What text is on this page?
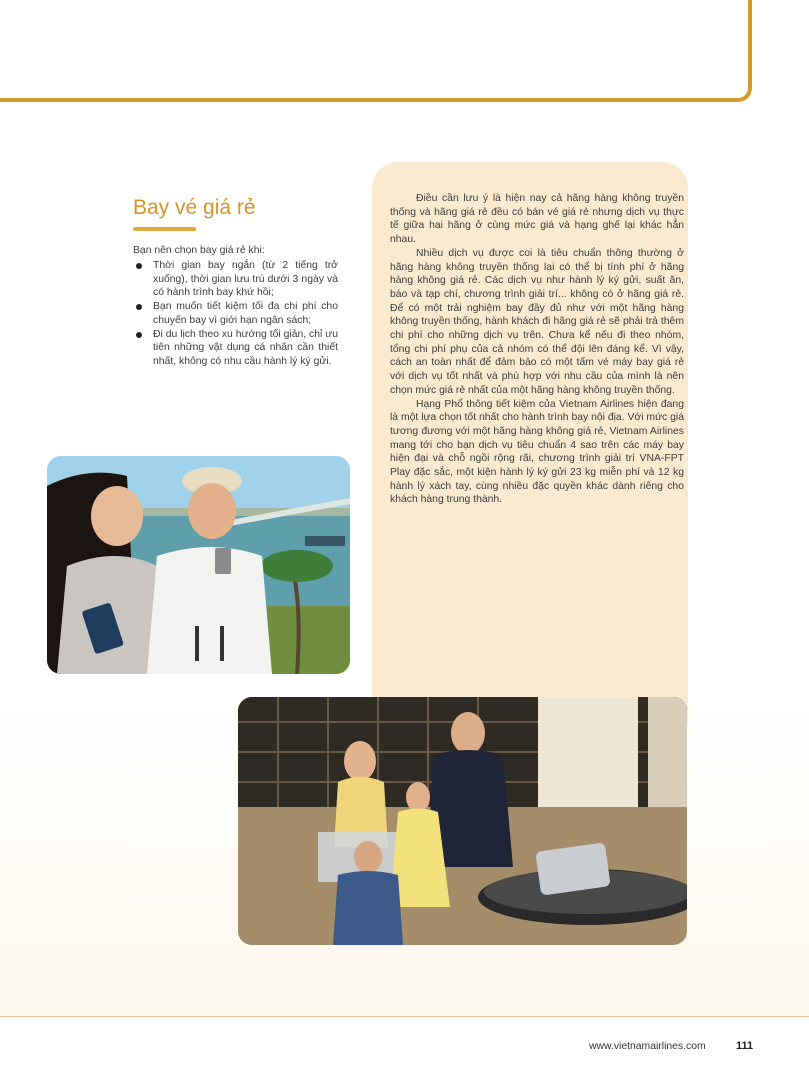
Bay vé giá rẻ

Bạn nên chọn bay giá rẻ khi:

Thời gian bay ngắn (từ 2 tiếng trở xuống), thời gian lưu trú dưới 3 ngày và có hành trình bay khứ hồi;
Bạn muốn tiết kiệm tối đa chi phí cho chuyến bay vì giới hạn ngân sách;
Đi du lịch theo xu hướng tối giản, chỉ ưu tiên những vật dụng cá nhân cần thiết nhất, không có nhu cầu hành lý ký gửi.

Điều cần lưu ý là hiện nay cả hãng hàng không truyền thống và hãng giá rẻ đều có bán vé giá rẻ nhưng dịch vụ thực tế giữa hai hãng ở cùng mức giá và hạng ghế lại khác hẳn nhau.

Nhiều dịch vụ được coi là tiêu chuẩn thông thường ở hãng hàng không truyền thống lại có thể bị tính phí ở hãng hàng không giá rẻ. Các dịch vụ như hành lý ký gửi, suất ăn, báo và tạp chí, chương trình giải trí... không có ở hãng giá rẻ. Để có một trải nghiệm bay đầy đủ như với một hãng hàng không truyền thống, hành khách đi hãng giá rẻ sẽ phải trả thêm chi phí cho những dịch vụ trên. Chưa kể nếu đi theo nhóm, tổng chi phí phụ của cả nhóm có thể đội lên đáng kể. Vì vậy, cách an toàn nhất để đảm bảo có một tấm vé máy bay giá rẻ với dịch vụ tốt nhất và phù hợp với nhu cầu của mình là nên chọn mức giá rẻ nhất của một hãng hàng không truyền thống.

Hạng Phổ thông tiết kiệm của Vietnam Airlines hiện đang là một lựa chọn tốt nhất cho hành trình bay nội địa. Với mức giá tương đương với một hãng hàng không giá rẻ, Vietnam Airlines mang tới cho bạn dịch vụ tiêu chuẩn 4 sao trên các máy bay hiện đại và chỗ ngồi rộng rãi, chương trình giải trí VNA-FPT Play đặc sắc, một kiện hành lý ký gửi 23 kg miễn phí và 12 kg hành lý xách tay, cùng nhiều đặc quyền khác dành riêng cho khách hàng trung thành.

www.vietnamairlines.com	111
